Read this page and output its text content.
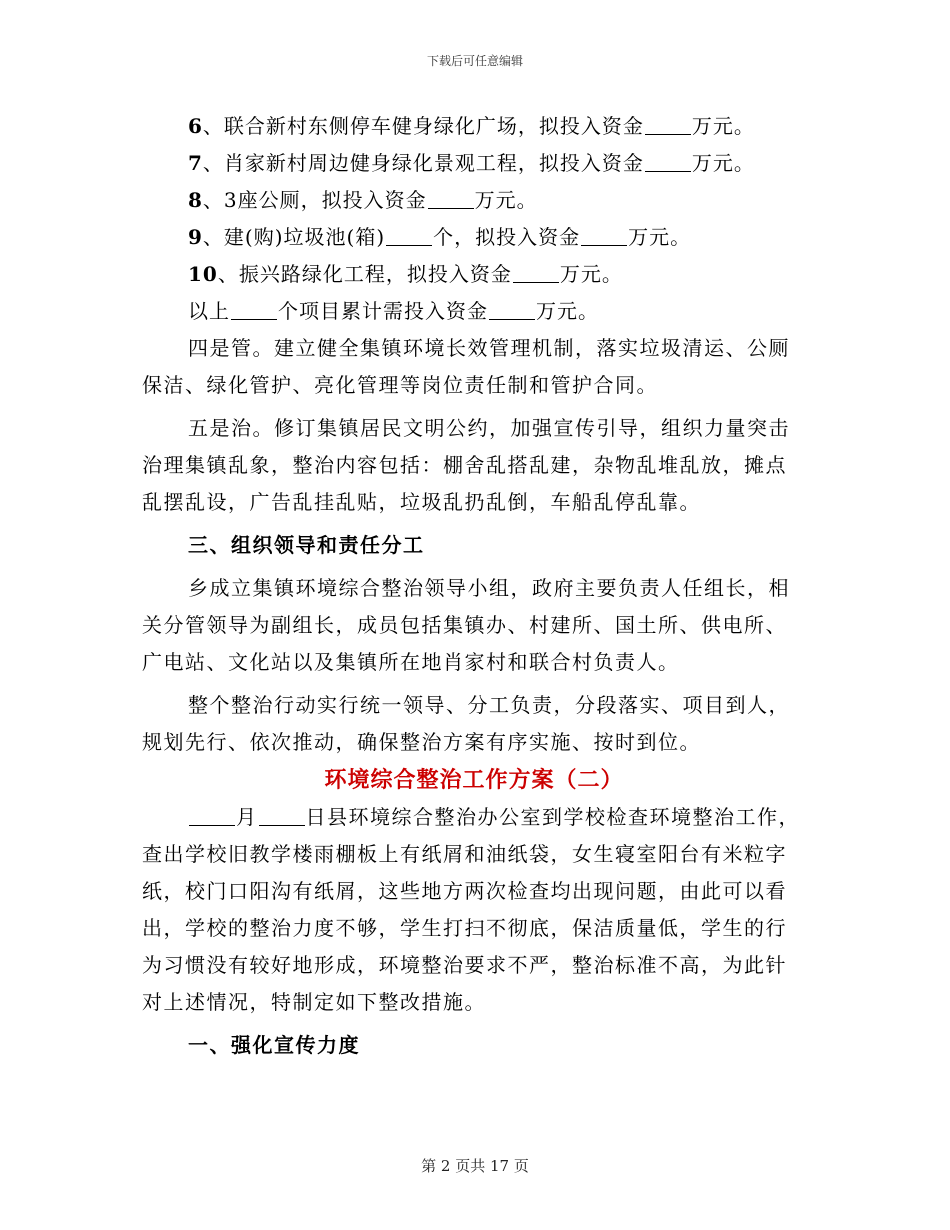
下载后可任意编辑
6、联合新村东侧停车健身绿化广场，拟投入资金 万元。
7、肖家新村周边健身绿化景观工程，拟投入资金 万元。
8、3座公厕，拟投入资金 万元。
9、建(购)垃圾池(箱) 个，拟投入资金 万元。
10、振兴路绿化工程，拟投入资金 万元。
以上 个项目累计需投入资金 万元。
四是管。建立健全集镇环境长效管理机制，落实垃圾清运、公厕
保洁、绿化管护、亮化管理等岗位责任制和管护合同。
五是治。修订集镇居民文明公约，加强宣传引导，组织力量突击
治理集镇乱象，整治内容包括：棚舍乱搭乱建，杂物乱堆乱放，摊点
乱摆乱设，广告乱挂乱贴，垃圾乱扔乱倒，车船乱停乱靠。
三、组织领导和责任分工
乡成立集镇环境综合整治领导小组，政府主要负责人任组长，相
关分管领导为副组长，成员包括集镇办、村建所、国土所、供电所、
广电站、文化站以及集镇所在地肖家村和联合村负责人。
整个整治行动实行统一领导、分工负责，分段落实、项目到人，
规划先行、依次推动，确保整治方案有序实施、按时到位。
环境综合整治工作方案（二）
月 日县环境综合整治办公室到学校检查环境整治工作，
查出学校旧教学楼雨棚板上有纸屑和油纸袋，女生寝室阳台有米粒字
纸，校门口阳沟有纸屑，这些地方两次检查均出现问题，由此可以看
出，学校的整治力度不够，学生打扫不彻底，保洁质量低，学生的行
为习惯没有较好地形成，环境整治要求不严，整治标准不高，为此针
对上述情况，特制定如下整改措施。
一、强化宣传力度
第 2 页共 17 页
